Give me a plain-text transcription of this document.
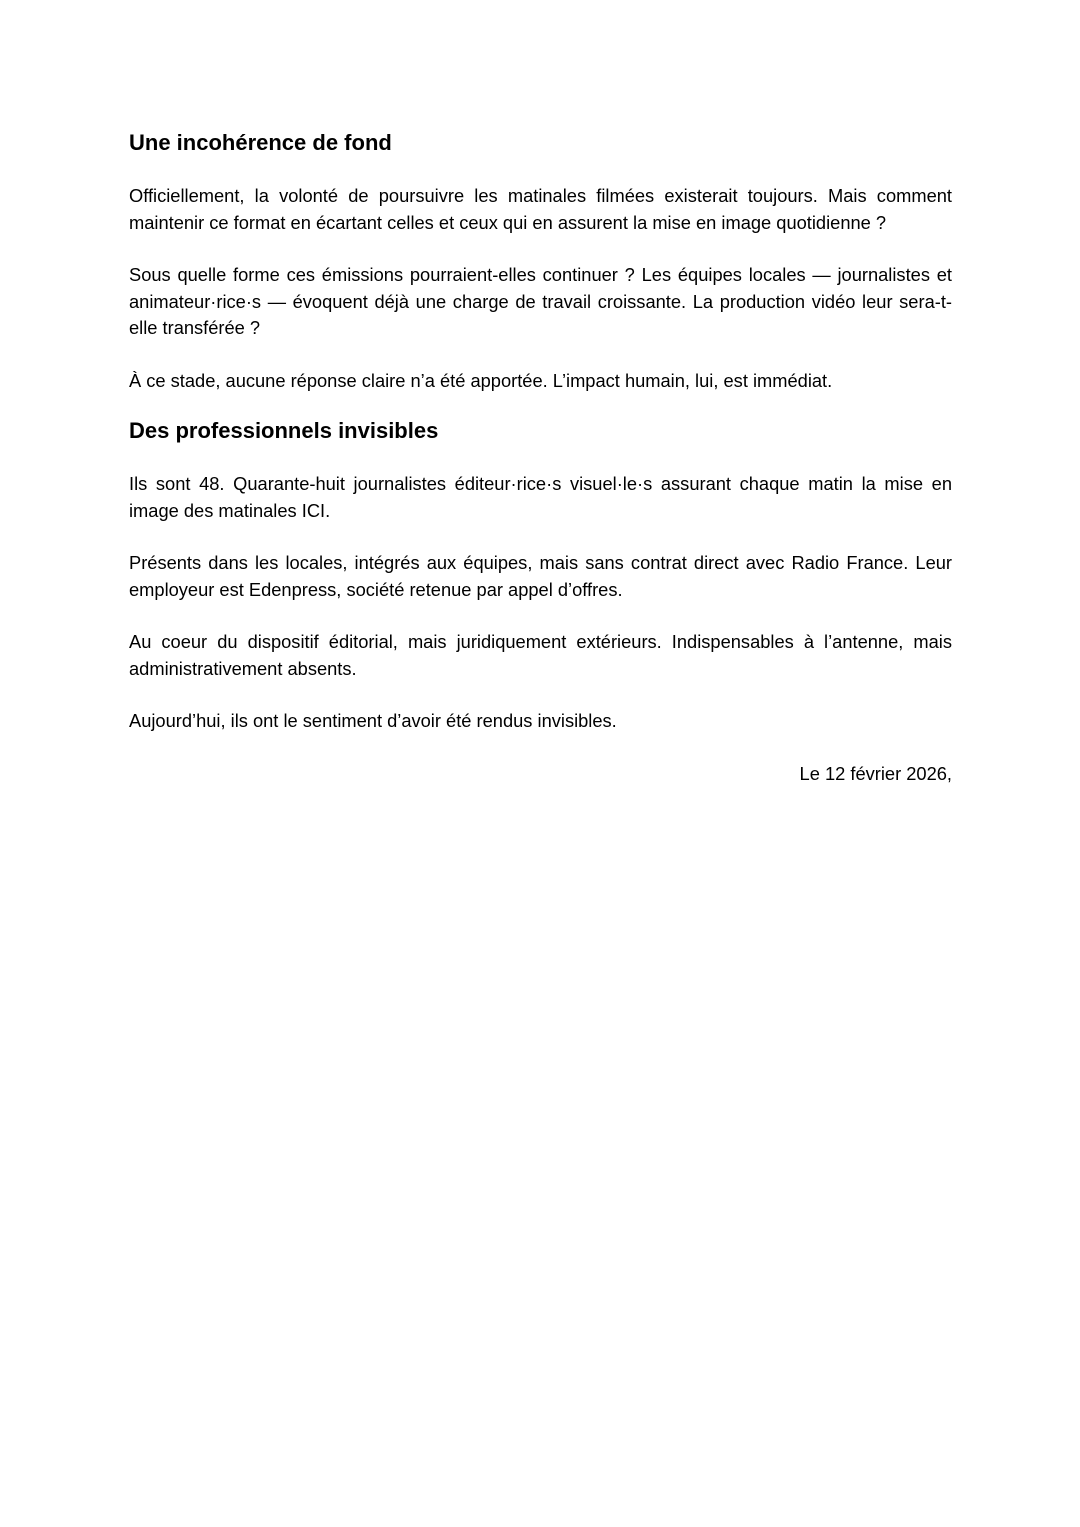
Une incohérence de fond

Officiellement, la volonté de poursuivre les matinales filmées existerait toujours. Mais comment maintenir ce format en écartant celles et ceux qui en assurent la mise en image quotidienne ?

Sous quelle forme ces émissions pourraient-elles continuer ? Les équipes locales — journalistes et animateur·rice·s — évoquent déjà une charge de travail croissante. La production vidéo leur sera-t-elle transférée ?

À ce stade, aucune réponse claire n’a été apportée. L’impact humain, lui, est immédiat.

Des professionnels invisibles

Ils sont 48. Quarante-huit journalistes éditeur·rice·s visuel·le·s assurant chaque matin la mise en image des matinales ICI.

Présents dans les locales, intégrés aux équipes, mais sans contrat direct avec Radio France. Leur employeur est Edenpress, société retenue par appel d’offres.

Au coeur du dispositif éditorial, mais juridiquement extérieurs. Indispensables à l’antenne, mais administrativement absents.

Aujourd’hui, ils ont le sentiment d’avoir été rendus invisibles.

Le 12 février 2026,
